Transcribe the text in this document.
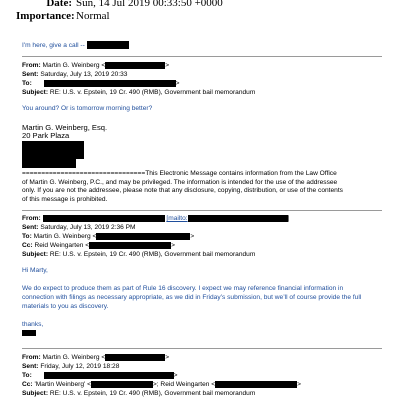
Date: Sun, 14 Jul 2019 00:33:50 +0000
Importance:Normal
I'm here, give a call --
From: Martin G. Weinberg <	>
Sent: Saturday, July 13, 2019 20:33
To:	>
Subject: RE: U.S. v. Epstein, 19 Cr. 490 (RMB), Government bail memorandum
You around? Or is tomorrow morning better?
Martin G. Weinberg, Esq.
20 Park Plaza
================================This Electronic Message contains information from the Law Office
of Martin G. Weinberg, P.C., and may be privileged. The information is intended for the use of the addressee
only. If you are not the addressee, please note that any disclosure, copying, distribution, or use of the contents
of this message is prohibited.
From:	[mailto:	]
Sent: Saturday, July 13, 2019 2:36 PM
To: Martin G. Weinberg <	>
Cc: Reid Weingarten <	>
Subject: RE: U.S. v. Epstein, 19 Cr. 490 (RMB), Government bail memorandum
Hi Marty,
We do expect to produce them as part of Rule 16 discovery. I expect we may reference financial information in
connection with filings as necessary appropriate, as we did in Friday’s submission, but we’ll of course provide the full
materials to you as discovery.
thanks,
From: Martin G. Weinberg <	>
Sent: Friday, July 12, 2019 18:28
To:	>
Cc: 'Martin Weinberg' <	>; Reid Weingarten <	>
Subject: RE: U.S. v. Epstein, 19 Cr. 490 (RMB), Government bail memorandum
